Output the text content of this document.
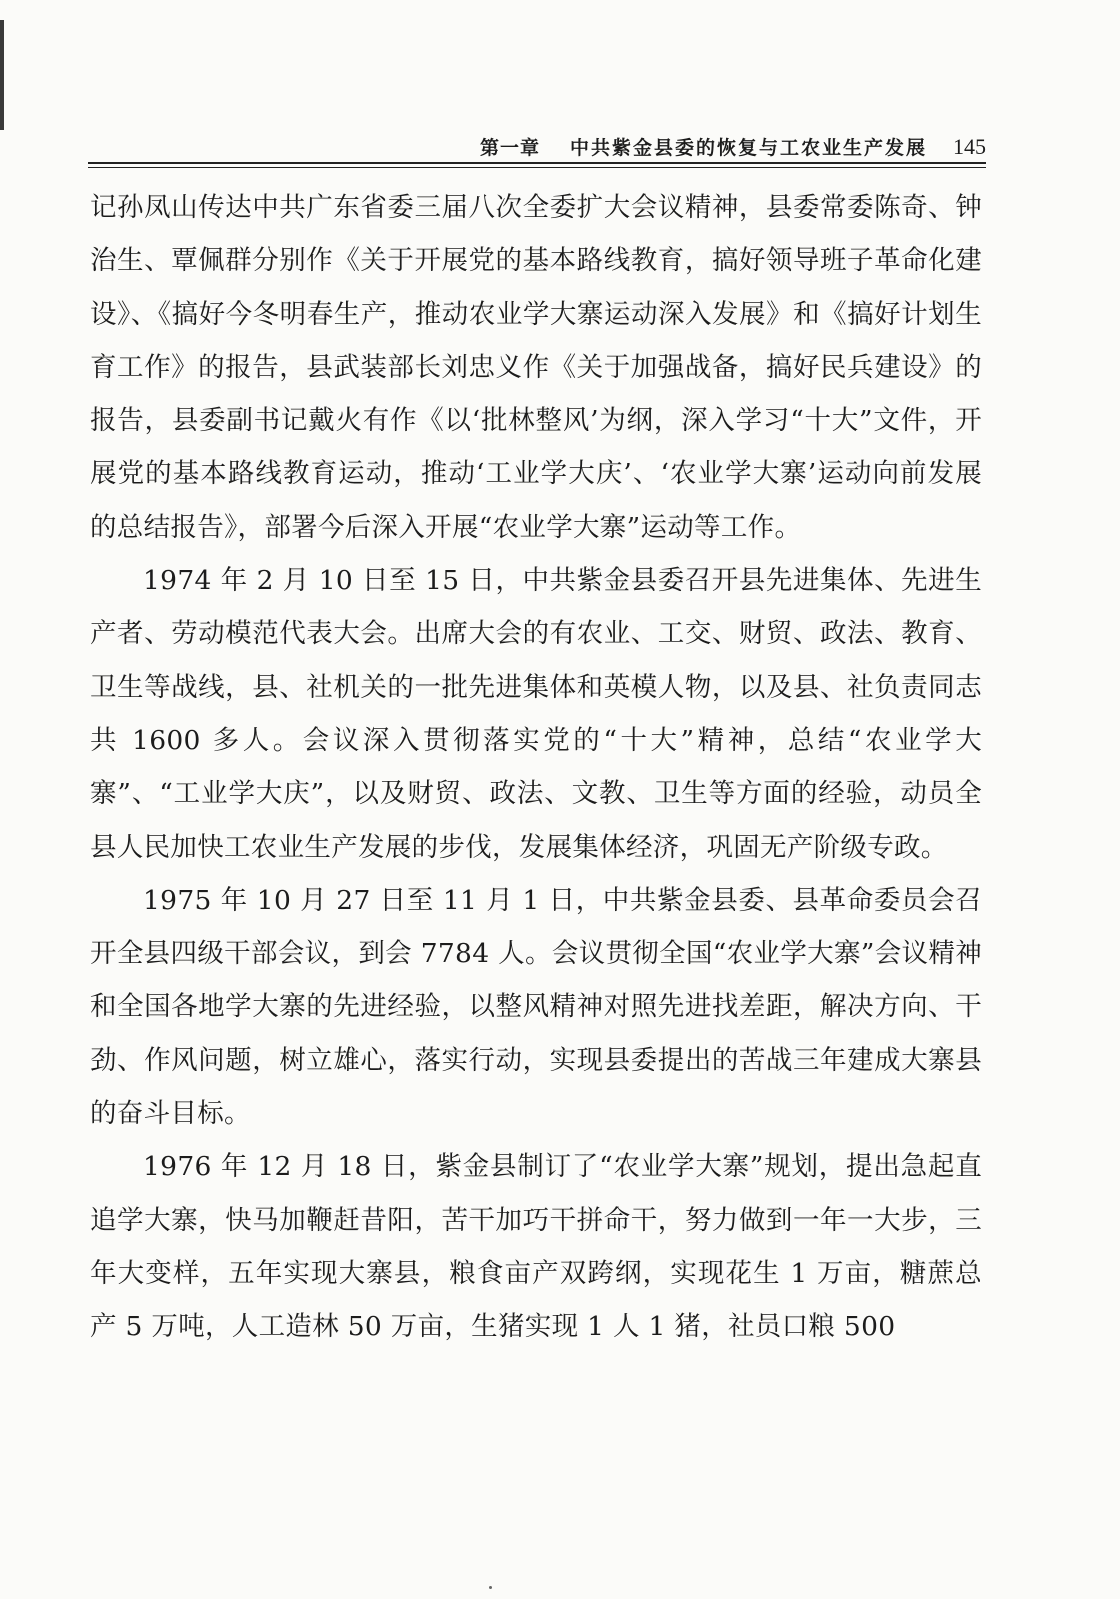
第一章 中共紫金县委的恢复与工农业生产发展 145

记孙凤山传达中共广东省委三届八次全委扩大会议精神，县委常委陈奇、钟治生、覃佩群分别作《关于开展党的基本路线教育，搞好领导班子革命化建设》、《搞好今冬明春生产，推动农业学大寨运动深入发展》和《搞好计划生育工作》的报告，县武装部长刘忠义作《关于加强战备，搞好民兵建设》的报告，县委副书记戴火有作《以‘批林整风’为纲，深入学习“十大”文件，开展党的基本路线教育运动，推动‘工业学大庆’、‘农业学大寨’运动向前发展的总结报告》，部署今后深入开展“农业学大寨”运动等工作。

1974 年 2 月 10 日至 15 日，中共紫金县委召开县先进集体、先进生产者、劳动模范代表大会。出席大会的有农业、工交、财贸、政法、教育、卫生等战线，县、社机关的一批先进集体和英模人物，以及县、社负责同志共 1600 多人。会议深入贯彻落实党的“十大”精神，总结“农业学大寨”、“工业学大庆”，以及财贸、政法、文教、卫生等方面的经验，动员全县人民加快工农业生产发展的步伐，发展集体经济，巩固无产阶级专政。

1975 年 10 月 27 日至 11 月 1 日，中共紫金县委、县革命委员会召开全县四级干部会议，到会 7784 人。会议贯彻全国“农业学大寨”会议精神和全国各地学大寨的先进经验，以整风精神对照先进找差距，解决方向、干劲、作风问题，树立雄心，落实行动，实现县委提出的苦战三年建成大寨县的奋斗目标。

1976 年 12 月 18 日，紫金县制订了“农业学大寨”规划，提出急起直追学大寨，快马加鞭赶昔阳，苦干加巧干拼命干，努力做到一年一大步，三年大变样，五年实现大寨县，粮食亩产双跨纲，实现花生 1 万亩，糖蔗总产 5 万吨，人工造林 50 万亩，生猪实现 1 人 1 猪，社员口粮 500
